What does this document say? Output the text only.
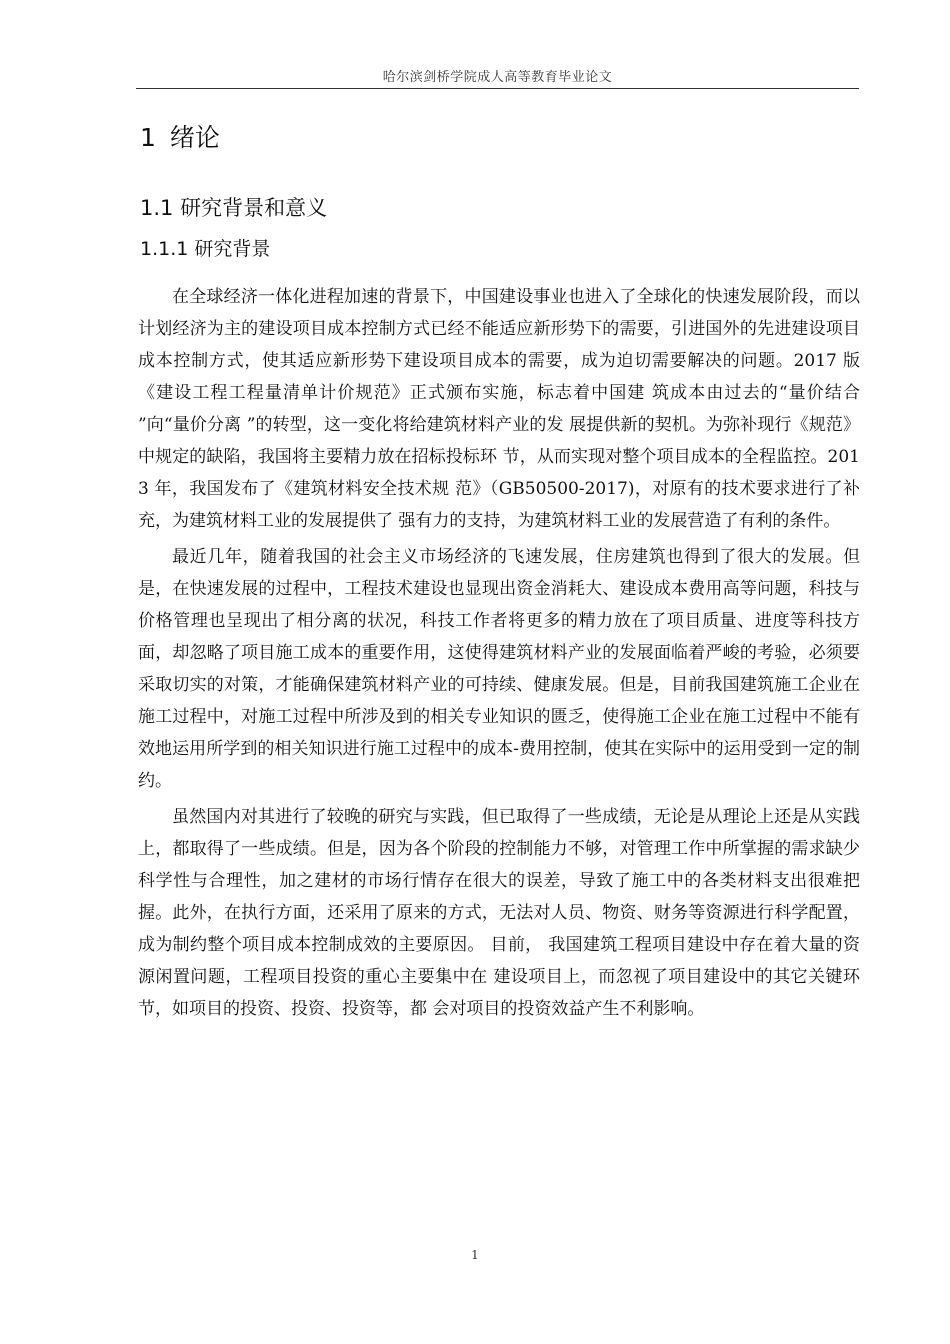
哈尔滨剑桥学院成人高等教育毕业论文
1 绪论
1.1 研究背景和意义
1.1.1 研究背景

在全球经济一体化进程加速的背景下，中国建设事业也进入了全球化的快速发展阶段，而以计划经济为主的建设项目成本控制方式已经不能适应新形势下的需要，引进国外的先进建设项目成本控制方式，使其适应新形势下建设项目成本的需要，成为迫切需要解决的问题。2017 版《建设工程工程量清单计价规范》正式颁布实施，标志着中国建 筑成本由过去的“量价结合 ”向“量价分离 ”的转型，这一变化将给建筑材料产业的发 展提供新的契机。为弥补现行《规范》中规定的缺陷，我国将主要精力放在招标投标环 节，从而实现对整个项目成本的全程监控。2013 年，我国发布了《建筑材料安全技术规 范》（GB50500-2017)，对原有的技术要求进行了补充，为建筑材料工业的发展提供了 强有力的支持，为建筑材料工业的发展营造了有利的条件。

最近几年，随着我国的社会主义市场经济的飞速发展，住房建筑也得到了很大的发展。但是，在快速发展的过程中，工程技术建设也显现出资金消耗大、建设成本费用高等问题，科技与价格管理也呈现出了相分离的状况，科技工作者将更多的精力放在了项目质量、进度等科技方面，却忽略了项目施工成本的重要作用，这使得建筑材料产业的发展面临着严峻的考验，必须要采取切实的对策，才能确保建筑材料产业的可持续、健康发展。但是，目前我国建筑施工企业在施工过程中，对施工过程中所涉及到的相关专业知识的匮乏，使得施工企业在施工过程中不能有效地运用所学到的相关知识进行施工过程中的成本-费用控制，使其在实际中的运用受到一定的制约。

虽然国内对其进行了较晚的研究与实践，但已取得了一些成绩，无论是从理论上还是从实践上，都取得了一些成绩。但是，因为各个阶段的控制能力不够，对管理工作中所掌握的需求缺少科学性与合理性，加之建材的市场行情存在很大的误差，导致了施工中的各类材料支出很难把握。此外，在执行方面，还采用了原来的方式，无法对人员、物资、财务等资源进行科学配置，成为制约整个项目成本控制成效的主要原因。 目前， 我国建筑工程项目建设中存在着大量的资源闲置问题，工程项目投资的重心主要集中在 建设项目上，而忽视了项目建设中的其它关键环节，如项目的投资、投资、投资等，都 会对项目的投资效益产生不利影响。

1
